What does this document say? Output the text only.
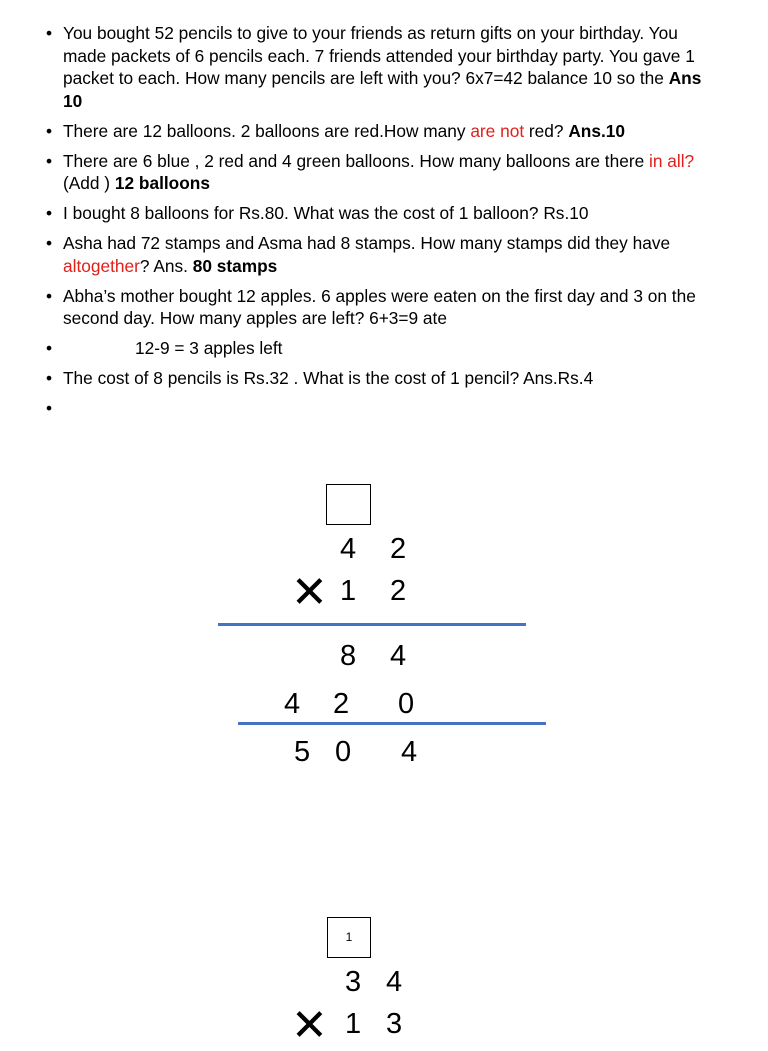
• You bought 52 pencils to give to your friends as return gifts on your birthday. You made packets of 6 pencils each. 7 friends attended your birthday party. You gave 1 packet to each. How many pencils are left with you? 6x7=42 balance 10 so the Ans 10
• There are 12 balloons. 2 balloons are red.How many are not red? Ans.10
• There are 6 blue , 2 red and 4 green balloons. How many balloons are there in all? (Add ) 12 balloons
• I bought 8 balloons for Rs.80. What was the cost of 1 balloon? Rs.10
• Asha had 72 stamps and Asma had 8 stamps. How many stamps did they have altogether? Ans. 80 stamps
• Abha’s mother bought 12 apples. 6 apples were eaten on the first day and 3 on the second day. How many apples are left? 6+3=9 ate
• 12-9 = 3 apples left
• The cost of 8 pencils is Rs.32 . What is the cost of 1 pencil? Ans.Rs.4
4 2
✕ 1 2
8 4
4 2 0
5 0 4
1
3 4
✕ 1 3
